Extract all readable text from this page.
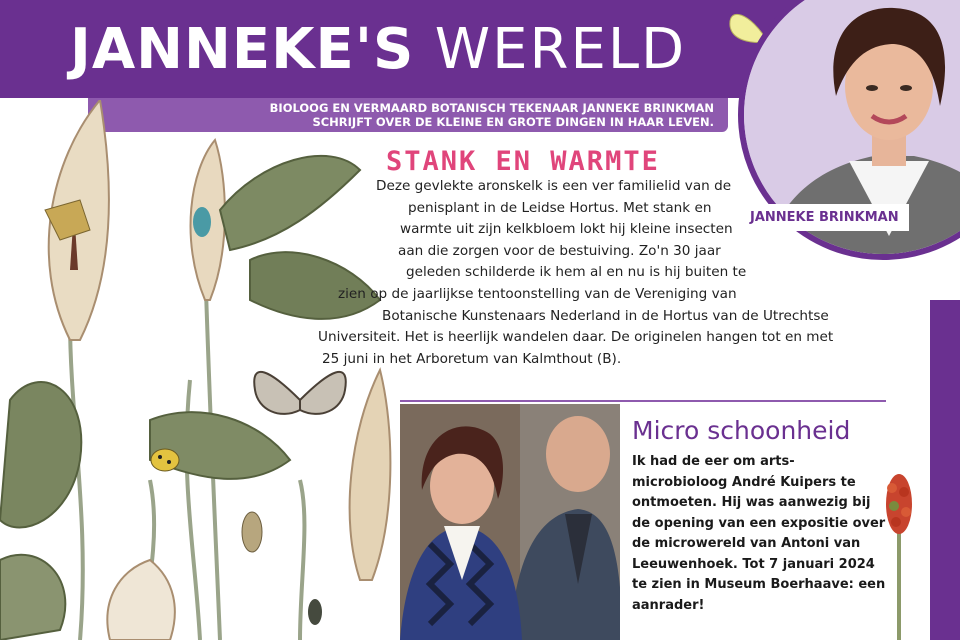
JANNEKE'S WERELD
BIOLOOG EN VERMAARD BOTANISCH TEKENAAR JANNEKE BRINKMAN
SCHRIJFT OVER DE KLEINE EN GROTE DINGEN IN HAAR LEVEN.
JANNEKE BRINKMAN
STANK EN WARMTE
Deze gevlekte aronskelk is een ver familielid van de
penisplant in de Leidse Hortus. Met stank en
warmte uit zijn kelkbloem lokt hij kleine insecten
aan die zorgen voor de bestuiving. Zo'n 30 jaar
geleden schilderde ik hem al en nu is hij buiten te
zien op de jaarlijkse tentoonstelling van de Vereniging van
Botanische Kunstenaars Nederland in de Hortus van de Utrechtse
Universiteit. Het is heerlijk wandelen daar. De originelen hangen tot en met
25 juni in het Arboretum van Kalmthout (B).
Micro schoonheid
Ik had de eer om arts-
microbioloog André Kuipers te
ontmoeten. Hij was aanwezig bij
de opening van een expositie over
de microwereld van Antoni van
Leeuwenhoek. Tot 7 januari 2024
te zien in Museum Boerhaave: een
aanrader!
